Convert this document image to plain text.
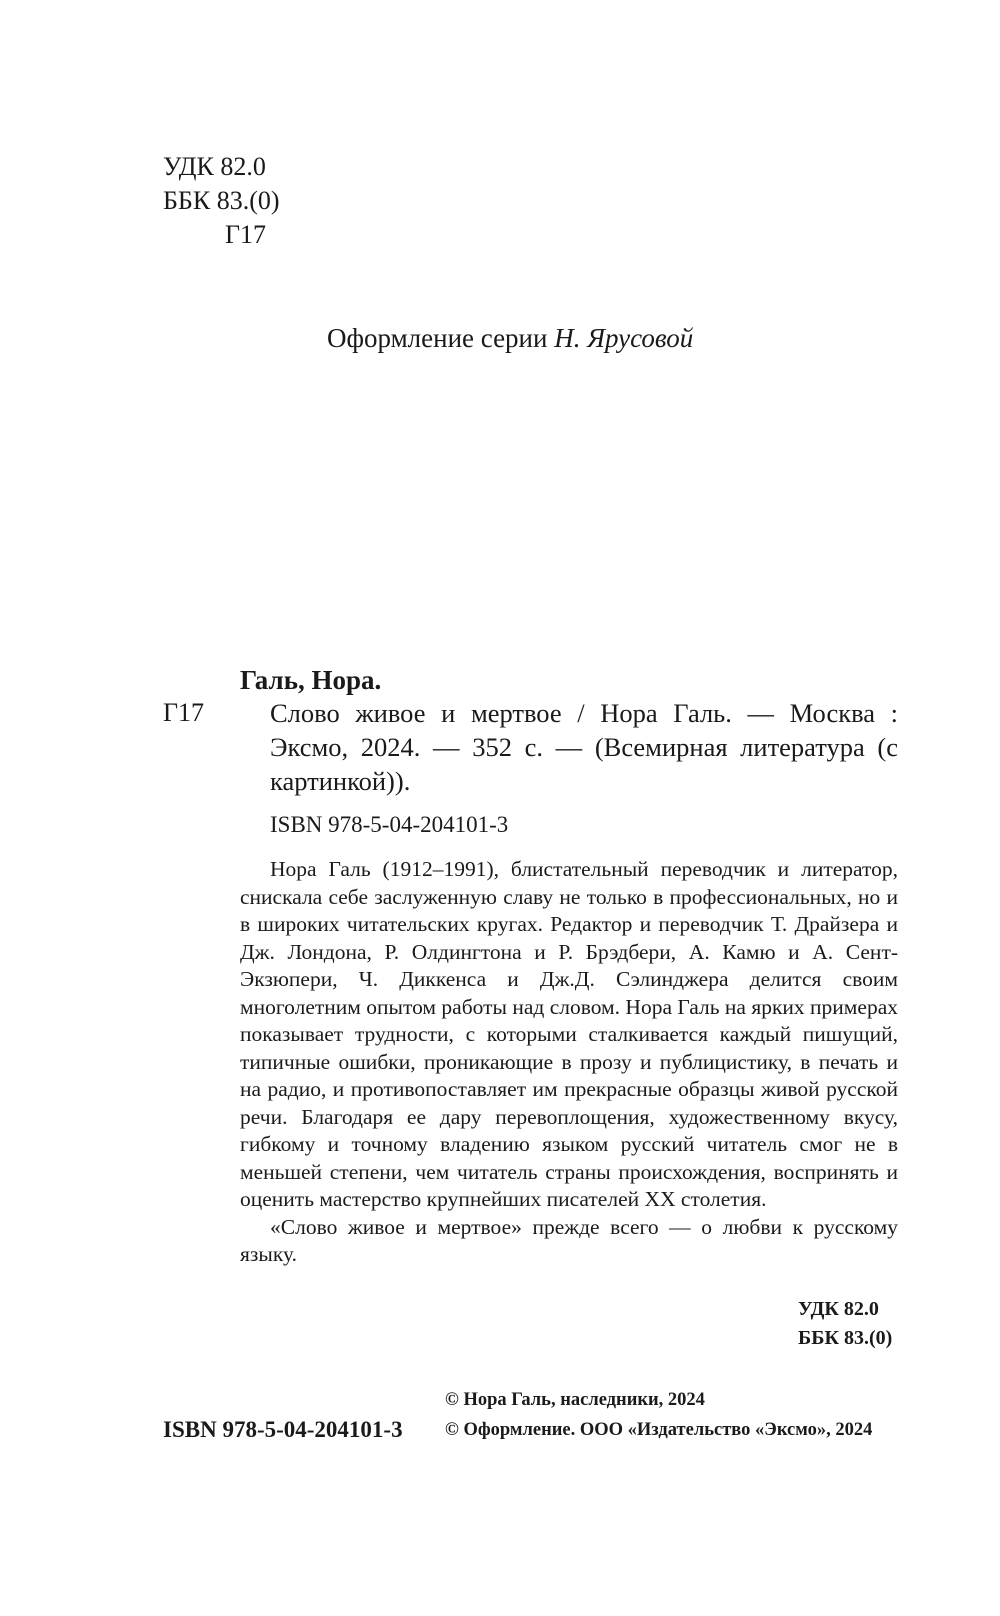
УДК 82.0
ББК 83.(0)
Г17
Оформление серии Н. Ярусовой
Галь, Нора.
Г17	Слово живое и мертвое / Нора Галь. — Москва : Эксмо, 2024. — 352 с. — (Всемирная литература (с картинкой)).
ISBN 978-5-04-204101-3

Нора Галь (1912–1991), блистательный переводчик и литератор, снискала себе заслуженную славу не только в профессиональных, но и в широких читательских кругах. Редактор и переводчик Т. Драйзера и Дж. Лондона, Р. Олдингтона и Р. Брэдбери, А. Камю и А. Сент-Экзюпери, Ч. Диккенса и Дж.Д. Сэлинджера делится своим многолетним опытом работы над словом. Нора Галь на ярких примерах показывает трудности, с которыми сталкивается каждый пишущий, типичные ошибки, проникающие в прозу и публицистику, в печать и на радио, и противопоставляет им прекрасные образцы живой русской речи. Благодаря ее дару перевоплощения, художественному вкусу, гибкому и точному владению языком русский читатель смог не в меньшей степени, чем читатель страны происхождения, воспринять и оценить мастерство крупнейших писателей XX столетия.

«Слово живое и мертвое» прежде всего — о любви к русскому языку.

УДК 82.0
ББК 83.(0)
ISBN 978-5-04-204101-3
© Нора Галь, наследники, 2024
© Оформление. ООО «Издательство «Эксмо», 2024
